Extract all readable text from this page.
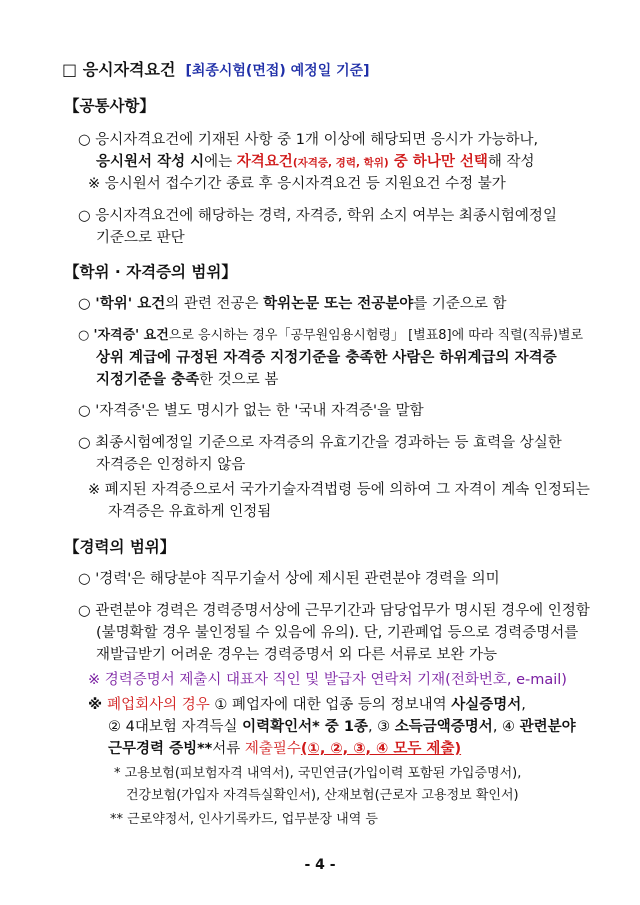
□ 응시자격요건 [최종시험(면접) 예정일 기준]
【공통사항】
○ 응시자격요건에 기재된 사항 중 1개 이상에 해당되면 응시가 가능하나,
응시원서 작성 시에는 자격요건(자격증, 경력, 학위) 중 하나만 선택해 작성
※ 응시원서 접수기간 종료 후 응시자격요건 등 지원요건 수정 불가
○ 응시자격요건에 해당하는 경력, 자격증, 학위 소지 여부는 최종시험예정일
기준으로 판단
【학위 · 자격증의 범위】
○ '학위' 요건의 관련 전공은 학위논문 또는 전공분야를 기준으로 함
○ '자격증' 요건으로 응시하는 경우「공무원임용시험령」 [별표8]에 따라 직렬(직류)별로
상위 계급에 규정된 자격증 지정기준을 충족한 사람은 하위계급의 자격증
지정기준을 충족한 것으로 봄
○ '자격증'은 별도 명시가 없는 한 '국내 자격증'을 말함
○ 최종시험예정일 기준으로 자격증의 유효기간을 경과하는 등 효력을 상실한
자격증은 인정하지 않음
※ 폐지된 자격증으로서 국가기술자격법령 등에 의하여 그 자격이 계속 인정되는
자격증은 유효하게 인정됨
【경력의 범위】
○ '경력'은 해당분야 직무기술서 상에 제시된 관련분야 경력을 의미
○ 관련분야 경력은 경력증명서상에 근무기간과 담당업무가 명시된 경우에 인정함
(불명확할 경우 불인정될 수 있음에 유의). 단, 기관폐업 등으로 경력증명서를
재발급받기 어려운 경우는 경력증명서 외 다른 서류로 보완 가능
※ 경력증명서 제출시 대표자 직인 및 발급자 연락처 기재(전화번호, e-mail)
※ 폐업회사의 경우 ① 폐업자에 대한 업종 등의 정보내역 사실증명서,
② 4대보험 자격득실 이력확인서* 중 1종, ③ 소득금액증명서, ④ 관련분야
근무경력 증빙**서류 제출필수(①, ②, ③, ④ 모두 제출)
* 고용보험(피보험자격 내역서), 국민연금(가입이력 포함된 가입증명서),
건강보험(가입자 자격득실확인서), 산재보험(근로자 고용정보 확인서)
** 근로약정서, 인사기록카드, 업무분장 내역 등
- 4 -
